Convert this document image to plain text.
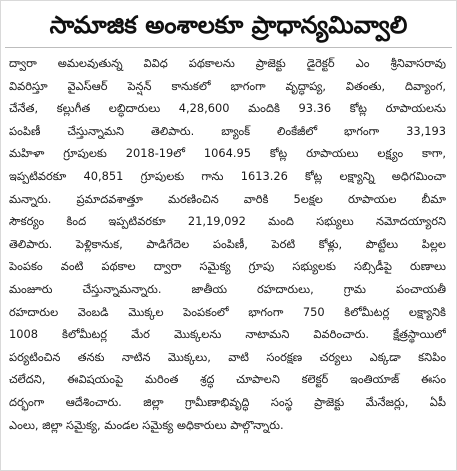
సామాజిక అంశాలకూ ప్రాధాన్యమివ్వాలి
ద్వారా అమలవుతున్న వివిధ పథకాలను ప్రాజెక్టు డైరెక్టర్ ఎం శ్రీనివాసరావు
వివరిస్తూ వైఎస్ఆర్ పెన్షన్ కానుకలో భాగంగా వృద్ధాప్య, వితంతు, దివ్యాంగ,
చేనేత, కల్లుగీత లబ్ధిదారులు 4,28,600 మందికి 93.36 కోట్ల రూపాయలను
పంపిణీ చేస్తున్నామని తెలిపారు. బ్యాంక్ లింకేజీలో భాగంగా 33,193
మహిళా గ్రూపులకు 2018-19లో 1064.95 కోట్ల రూపాయలు లక్ష్యం కాగా,
ఇప్పటివరకూ 40,851 గ్రూపులకు గాను 1613.26 కోట్ల లక్ష్యాన్ని అధిగమించా
మన్నారు. ప్రమాదవశాత్తూ మరణించిన వారికి 5లక్షల రూపాయల బీమా
సౌకర్యం కింద ఇప్పటివరకూ 21,19,092 మంది సభ్యులు నమోదయ్యారని
తెలిపారు. పెళ్లికానుక, పాడిగేదెల పంపిణీ, పెరటి కోళ్లు, పొట్టేలు పిల్లల
పెంపకం వంటి పథకాల ద్వారా సమైక్య గ్రూపు సభ్యులకు సబ్సిడీపై రుణాలు
మంజూరు చేస్తున్నామన్నారు. జాతీయ రహదారులు, గ్రామ పంచాయతీ
రహదారుల వెంబడి మొక్కల పెంపకంలో భాగంగా 750 కిలోమీటర్ల లక్ష్యానికి
1008 కిలోమీటర్ల మేర మొక్కలను నాటామని వివరించారు. క్షేత్రస్థాయిలో
పర్యటించిన తనకు నాటిన మొక్కలు, వాటి సంరక్షణ చర్యలు ఎక్కడా కనిపిం
చలేదని, ఈవిషయంపై మరింత శ్రద్ధ చూపాలని కలెక్టర్ ఇంతియాజ్ ఈసం
దర్భంగా ఆదేశించారు. జిల్లా గ్రామీణాభివృద్ధి సంస్థ ప్రాజెక్టు మేనేజర్లు, ఏపీ
ఎంలు, జిల్లా సమైక్య, మండల సమైక్య అధికారులు పాల్గొన్నారు.
